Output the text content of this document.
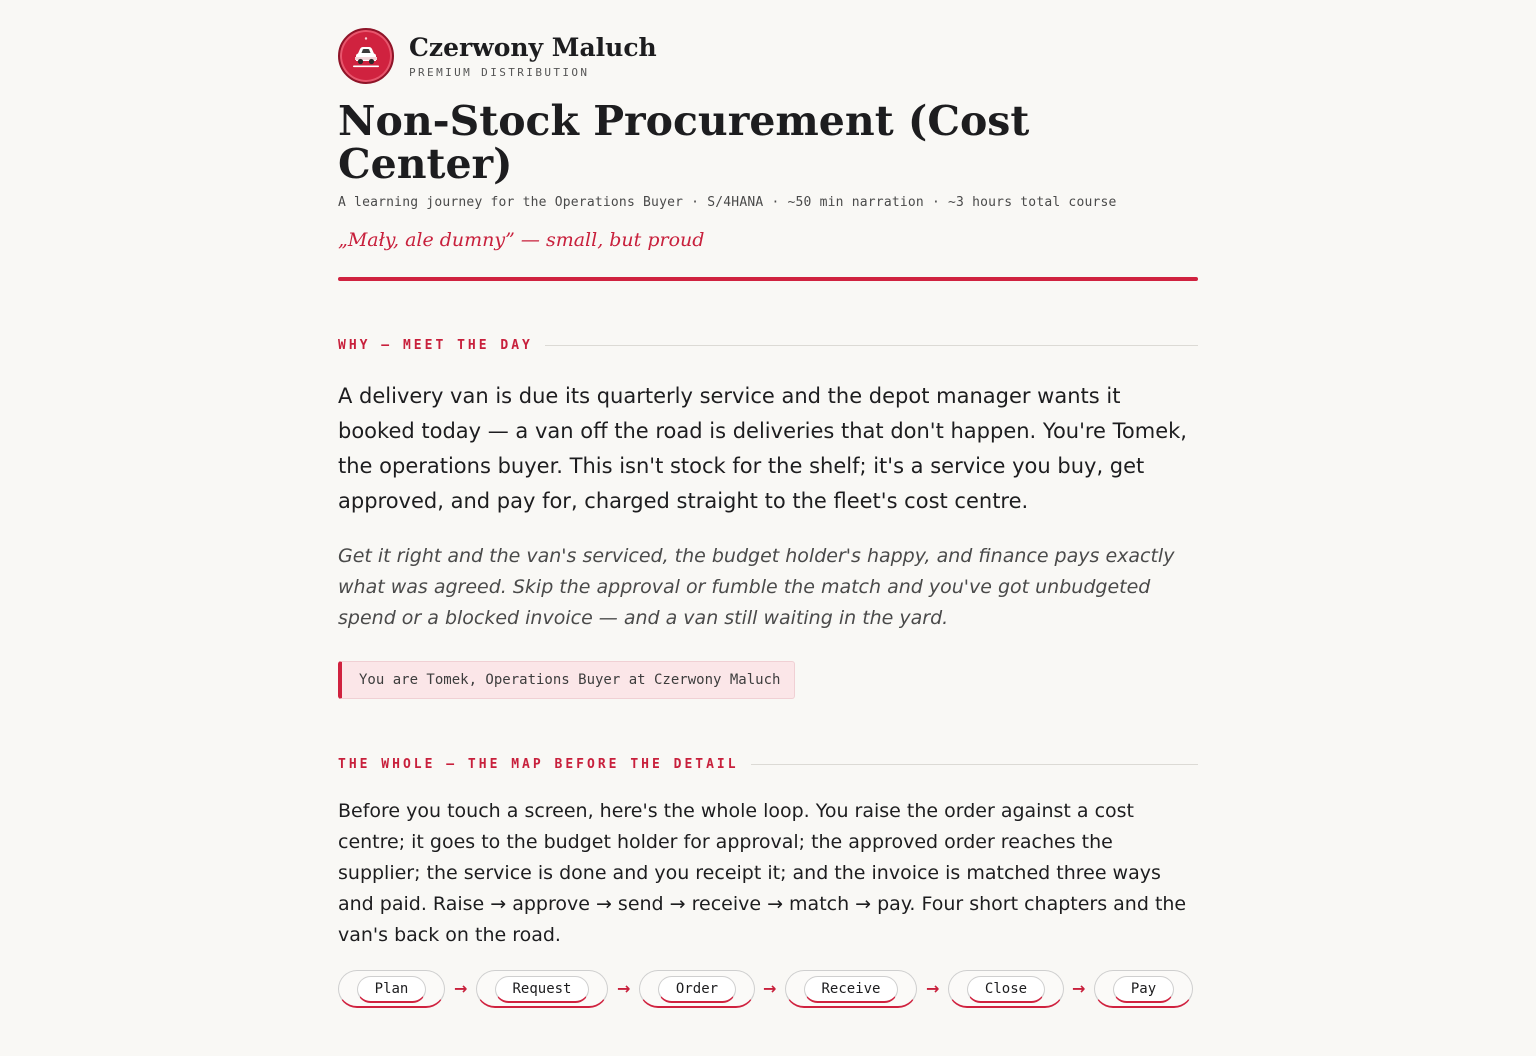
Czerwony Maluch
PREMIUM DISTRIBUTION
Non-Stock Procurement (Cost Center)
A learning journey for the Operations Buyer · S/4HANA · ~50 min narration · ~3 hours total course
„Mały, ale dumny” — small, but proud
WHY — MEET THE DAY

A delivery van is due its quarterly service and the depot manager wants it booked today — a van off the road is deliveries that don't happen. You're Tomek, the operations buyer. This isn't stock for the shelf; it's a service you buy, get approved, and pay for, charged straight to the fleet's cost centre.

Get it right and the van's serviced, the budget holder's happy, and finance pays exactly what was agreed. Skip the approval or fumble the match and you've got unbudgeted spend or a blocked invoice — and a van still waiting in the yard.

You are Tomek, Operations Buyer at Czerwony Maluch
THE WHOLE — THE MAP BEFORE THE DETAIL

Before you touch a screen, here's the whole loop. You raise the order against a cost centre; it goes to the budget holder for approval; the approved order reaches the supplier; the service is done and you receipt it; and the invoice is matched three ways and paid. Raise → approve → send → receive → match → pay. Four short chapters and the van's back on the road.

Plan	→	Request	→	Order	→	Receive	→	Close	→	Pay
